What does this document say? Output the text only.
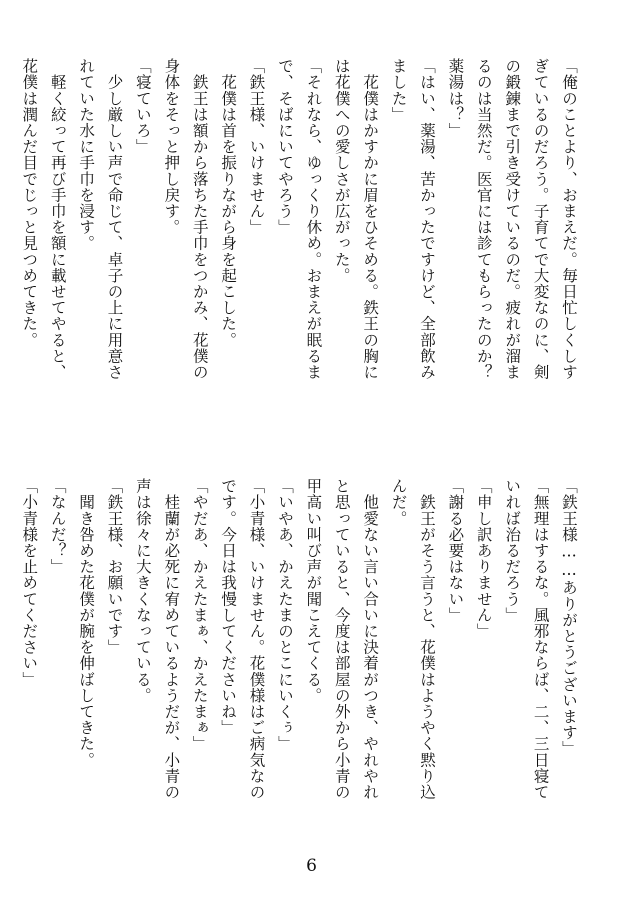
「俺のことより、おまえだ。毎日忙しくしす
ぎているのだろう。子育てで大変なのに、剣
の鍛錬まで引き受けているのだ。疲れが溜ま
るのは当然だ。医官には診てもらったのか？
薬湯は？」
「はい、薬湯、苦かったですけど、全部飲み
ました」
　花僕はかすかに眉をひそめる。鉄王の胸に
は花僕への愛しさが広がった。
「それなら、ゆっくり休め。おまえが眠るま
で、そばにいてやろう」
「鉄王様、いけません」
　花僕は首を振りながら身を起こした。
　鉄王は額から落ちた手巾をつかみ、花僕の
身体をそっと押し戻す。
「寝ていろ」
　少し厳しい声で命じて、卓子の上に用意さ
れていた水に手巾を浸す。
　軽く絞って再び手巾を額に載せてやると、
花僕は潤んだ目でじっと見つめてきた。
「鉄王様……ありがとうございます」
「無理はするな。風邪ならば、二、三日寝て
いれば治るだろう」
「申し訳ありません」
「謝る必要はない」
　鉄王がそう言うと、花僕はようやく黙り込
んだ。
　他愛ない言い合いに決着がつき、やれやれ
と思っていると、今度は部屋の外から小青の
甲高い叫び声が聞こえてくる。
「いやあ、かえたまのとこにいくぅ」
「小青様、いけません。花僕様はご病気なの
です。今日は我慢してくださいね」
「やだあ、かえたまぁ、かえたまぁ」
　桂蘭が必死に宥めているようだが、小青の
声は徐々に大きくなっている。
「鉄王様、お願いです」
　聞き咎めた花僕が腕を伸ばしてきた。
「なんだ？」
「小青様を止めてください」
6
